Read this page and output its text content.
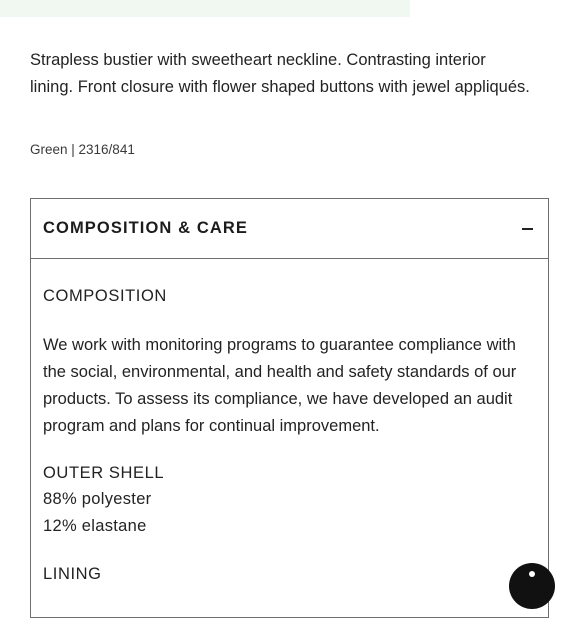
Strapless bustier with sweetheart neckline. Contrasting interior lining. Front closure with flower shaped buttons with jewel appliqués.

Green | 2316/841
COMPOSITION & CARE
COMPOSITION

We work with monitoring programs to guarantee compliance with the social, environmental, and health and safety standards of our products. To assess its compliance, we have developed an audit program and plans for continual improvement.

OUTER SHELL
88% polyester
12% elastane
LINING
